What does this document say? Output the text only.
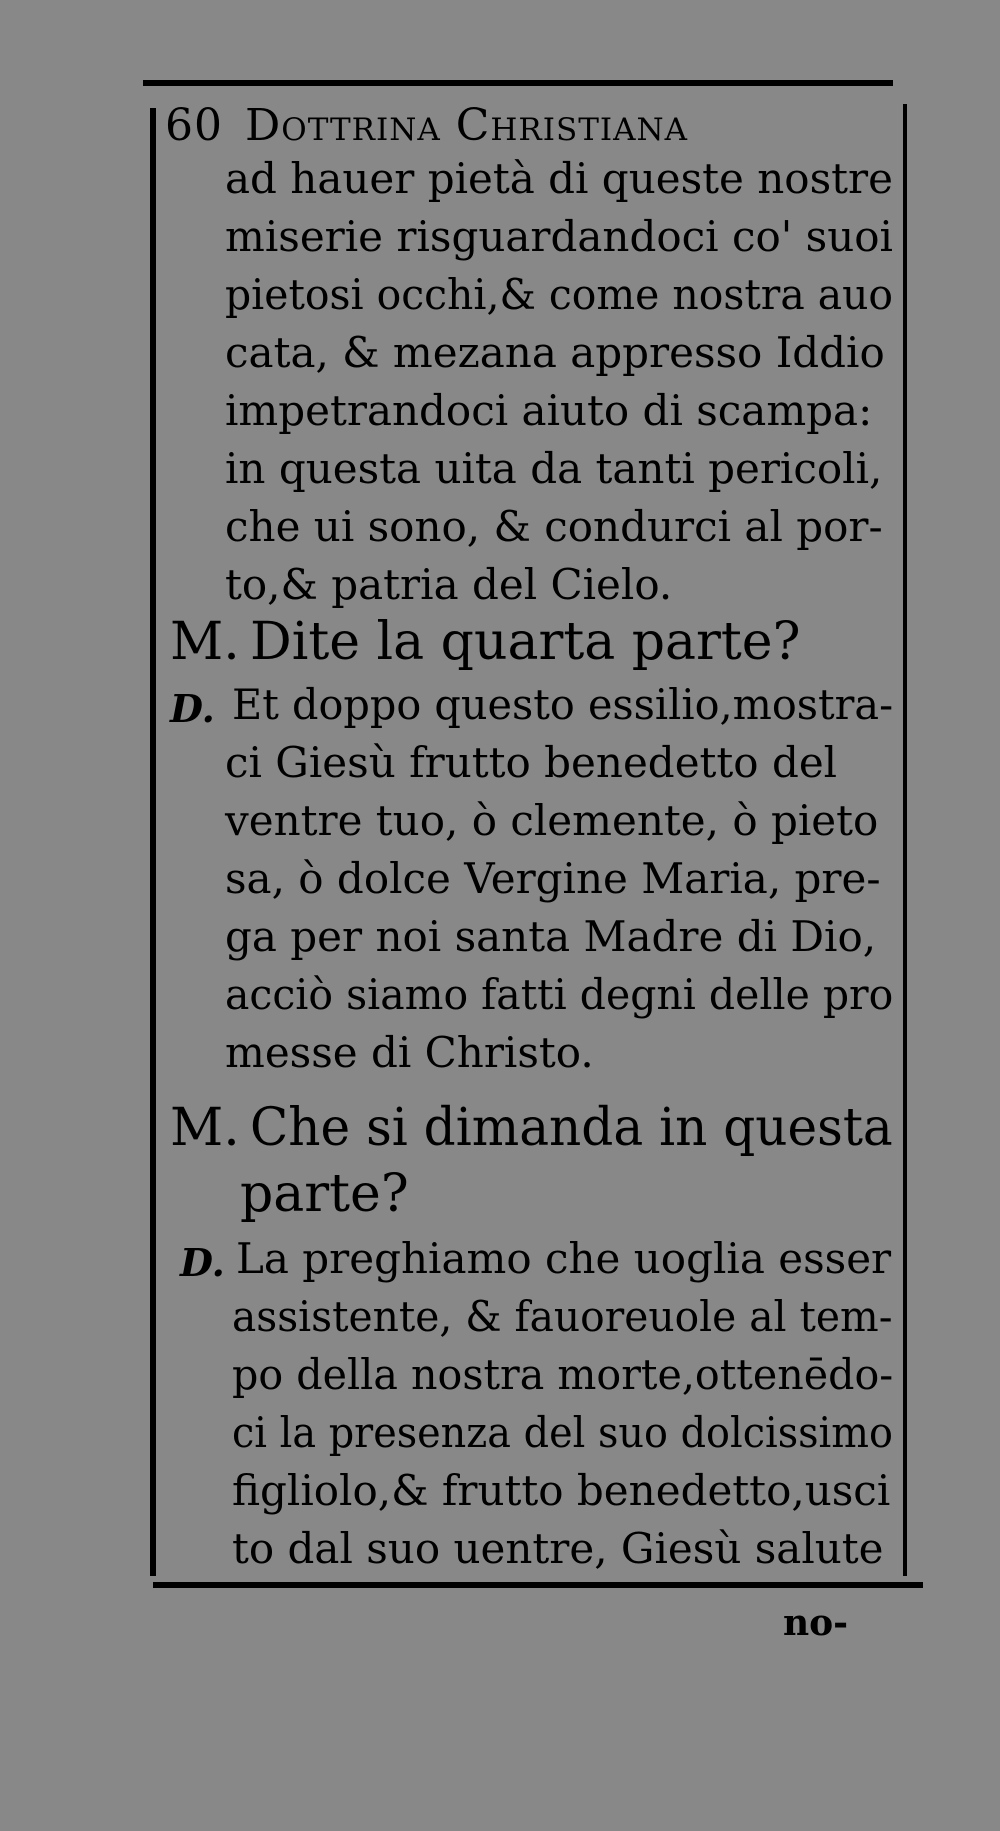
60 Dottrina Christiana
ad hauer pietà di queste nostre
miserie risguardandoci co' suoi
pietosi occhi,& come nostra auo
cata, & mezana appresso Iddio
impetrandoci aiuto di scampa:
in questa uita da tanti pericoli,
che ui sono, & condurci al por-
to,& patria del Cielo.
M. Dite la quarta parte?
D. Et doppo questo essilio,mostra-
ci Giesù frutto benedetto del
ventre tuo, ò clemente, ò pieto
sa, ò dolce Vergine Maria, pre-
ga per noi santa Madre di Dio,
acciò siamo fatti degni delle pro
messe di Christo.
M. Che si dimanda in questa
parte?
D. La preghiamo che uoglia esser
assistente, & fauoreuole al tem-
po della nostra morte,ottenēdo-
ci la presenza del suo dolcissimo
figliolo,& frutto benedetto,usci
to dal suo uentre, Giesù salute
no-
